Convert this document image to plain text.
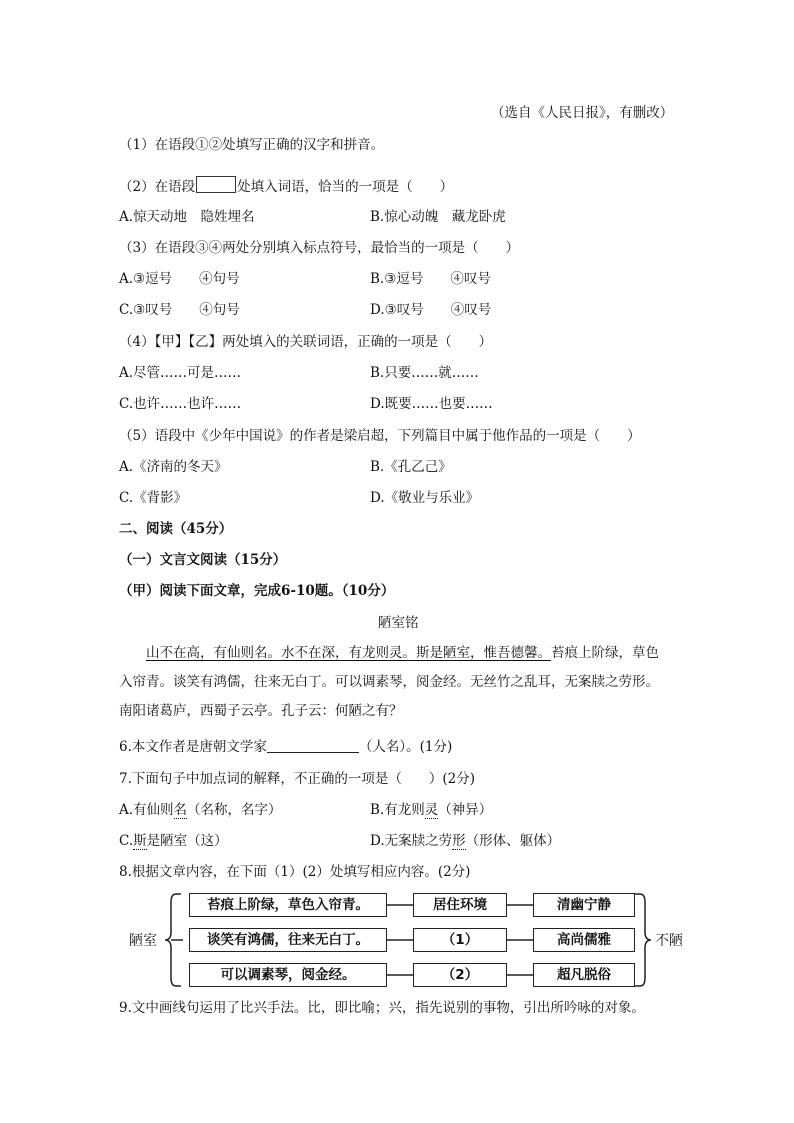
（选自《人民日报》，有删改）
（1）在语段①②处填写正确的汉字和拼音。
（2）在语段	处填入词语，恰当的一项是（　　）
A.惊天动地　隐姓埋名	B.惊心动魄　藏龙卧虎
（3）在语段③④两处分别填入标点符号，最恰当的一项是（　　）
A.③逗号　　④句号	B.③逗号　　④叹号
C.③叹号　　④句号	D.③叹号　　④叹号
（4）【甲】【乙】两处填入的关联词语，正确的一项是（　　）
A.尽管……可是……	B.只要……就……
C.也许……也许……	D.既要……也要……
（5）语段中《少年中国说》的作者是梁启超，下列篇目中属于他作品的一项是（　　）
A.《济南的冬天》	B.《孔乙己》
C.《背影》	D.《敬业与乐业》
二、阅读（45分）
（一）文言文阅读（15分）
（甲）阅读下面文章，完成6-10题。（10分）
陋室铭
山不在高，有仙则名。水不在深，有龙则灵。斯是陋室，惟吾德馨。苔痕上阶绿，草色入帘青。谈笑有鸿儒，往来无白丁。可以调素琴，阅金经。无丝竹之乱耳，无案牍之劳形。南阳诸葛庐，西蜀子云亭。孔子云：何陋之有？
6.本文作者是唐朝文学家	（人名）。(1分)
7.下面句子中加点词的解释，不正确的一项是（　　）(2分)
A.有仙则名（名称，名字）	B.有龙则灵（神异）
C.斯是陋室（这）	D.无案牍之劳形（形体、躯体）
8.根据文章内容，在下面（1）(2）处填写相应内容。(2分)
陋室	不陋
苔痕上阶绿，草色入帘青。	居住环境	清幽宁静
谈笑有鸿儒，往来无白丁。	（1）	高尚儒雅
可以调素琴，阅金经。	（2）	超凡脱俗
9.文中画线句运用了比兴手法。比，即比喻；兴，指先说别的事物，引出所吟咏的对象。
